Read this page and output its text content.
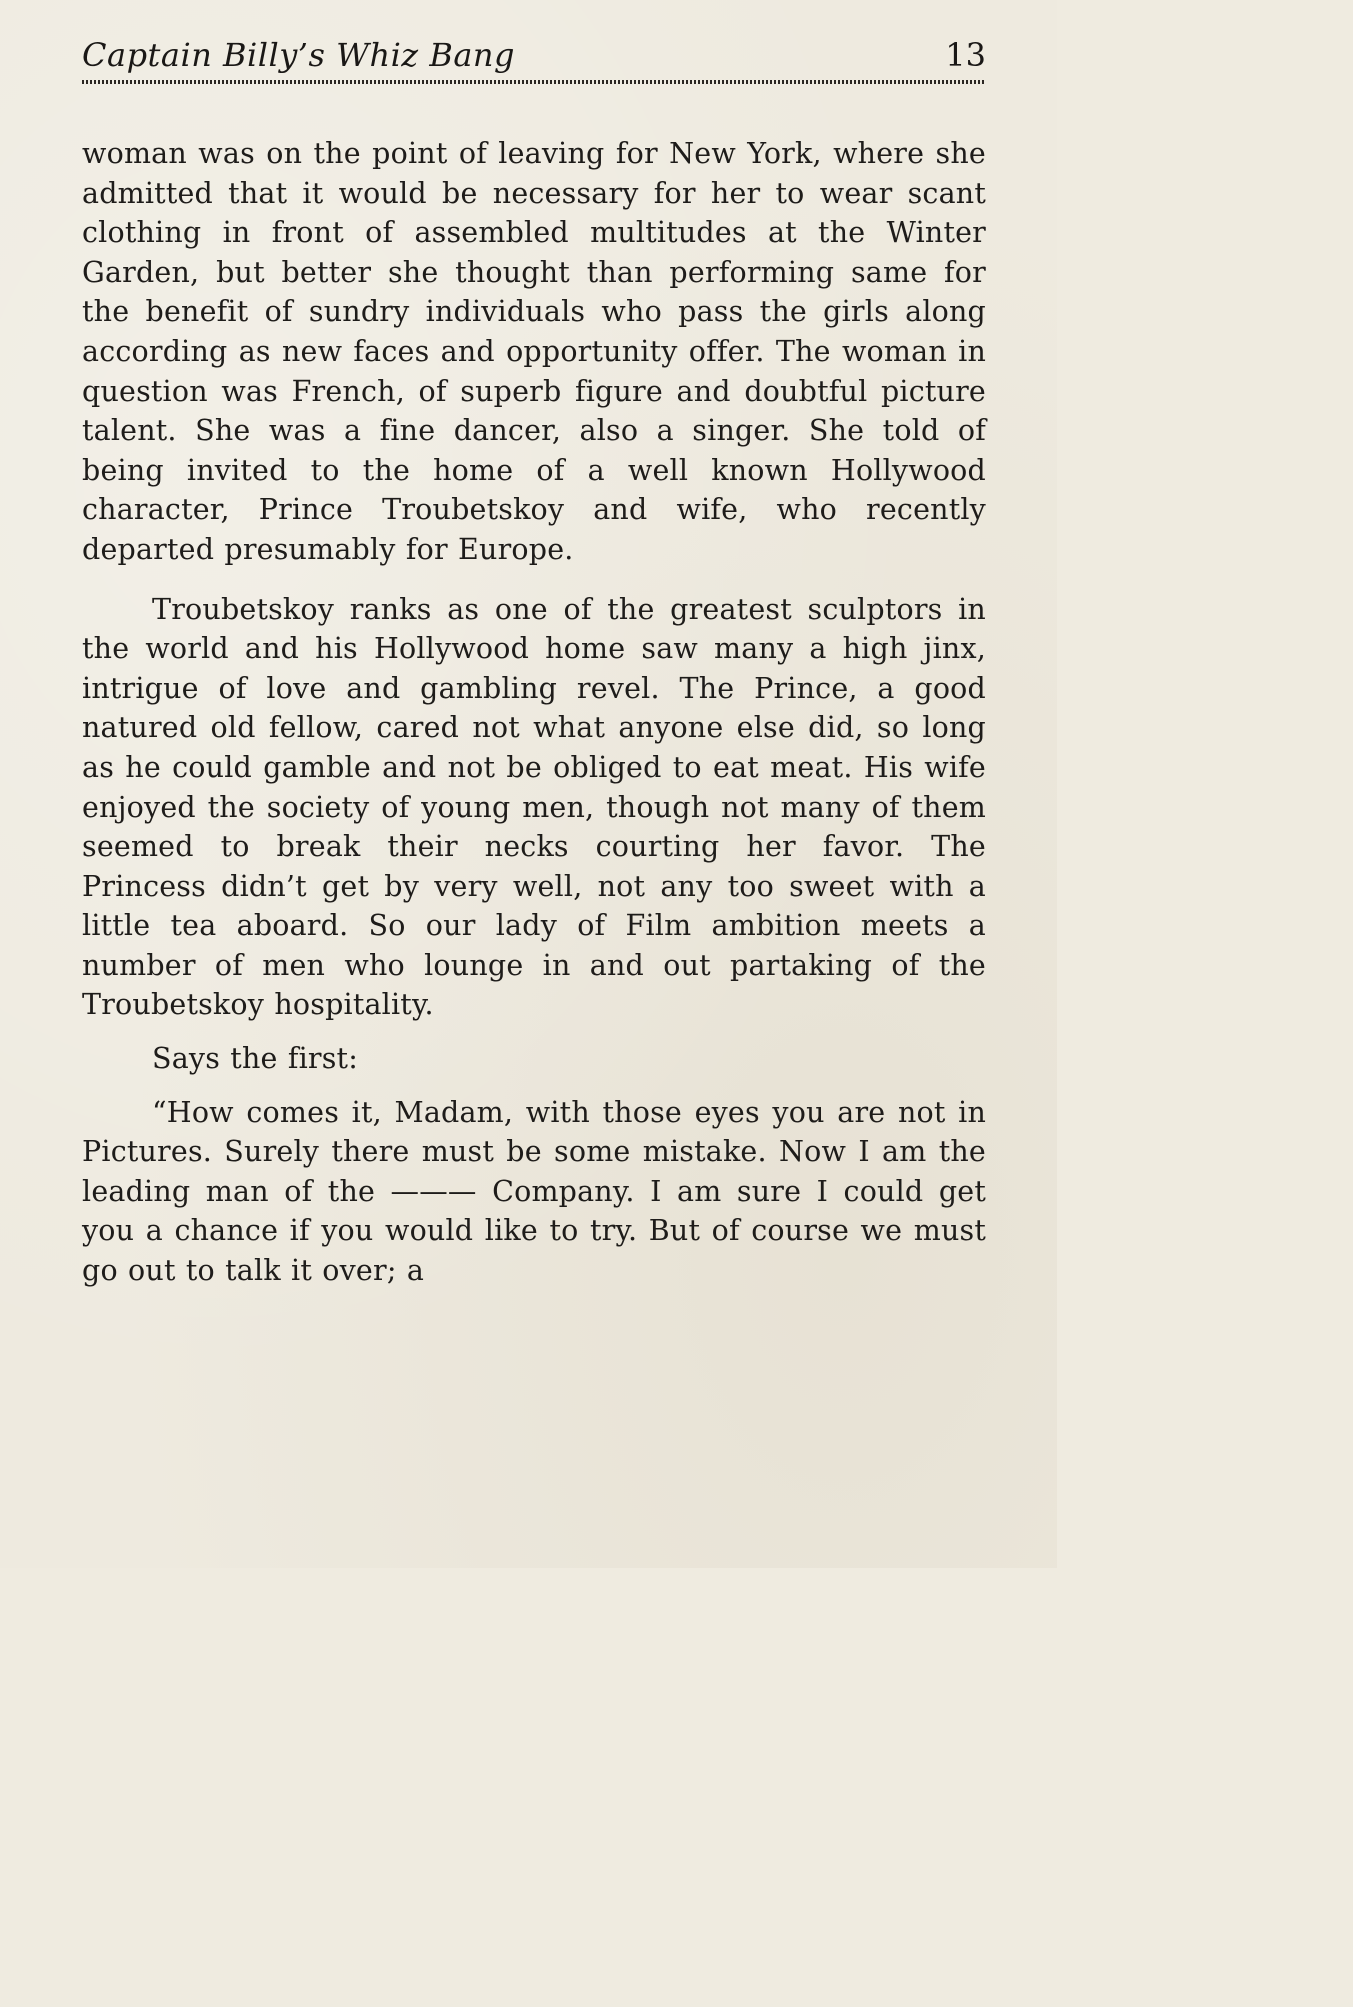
Captain Billy’s Whiz Bang	13

woman was on the point of leaving for New York, where she admitted that it would be necessary for her to wear scant clothing in front of assembled multitudes at the Winter Garden, but better she thought than performing same for the benefit of sundry individuals who pass the girls along according as new faces and opportunity offer. The woman in question was French, of superb figure and doubtful picture talent. She was a fine dancer, also a singer. She told of being invited to the home of a well known Hollywood character, Prince Troubetskoy and wife, who recently departed presumably for Europe.

Troubetskoy ranks as one of the greatest sculptors in the world and his Hollywood home saw many a high jinx, intrigue of love and gambling revel. The Prince, a good natured old fellow, cared not what anyone else did, so long as he could gamble and not be obliged to eat meat. His wife enjoyed the society of young men, though not many of them seemed to break their necks courting her favor. The Princess didn’t get by very well, not any too sweet with a little tea aboard. So our lady of Film ambition meets a number of men who lounge in and out partaking of the Troubetskoy hospitality.

Says the first:

“How comes it, Madam, with those eyes you are not in Pictures. Surely there must be some mistake. Now I am the leading man of the ——— Company. I am sure I could get you a chance if you would like to try. But of course we must go out to talk it over; a
